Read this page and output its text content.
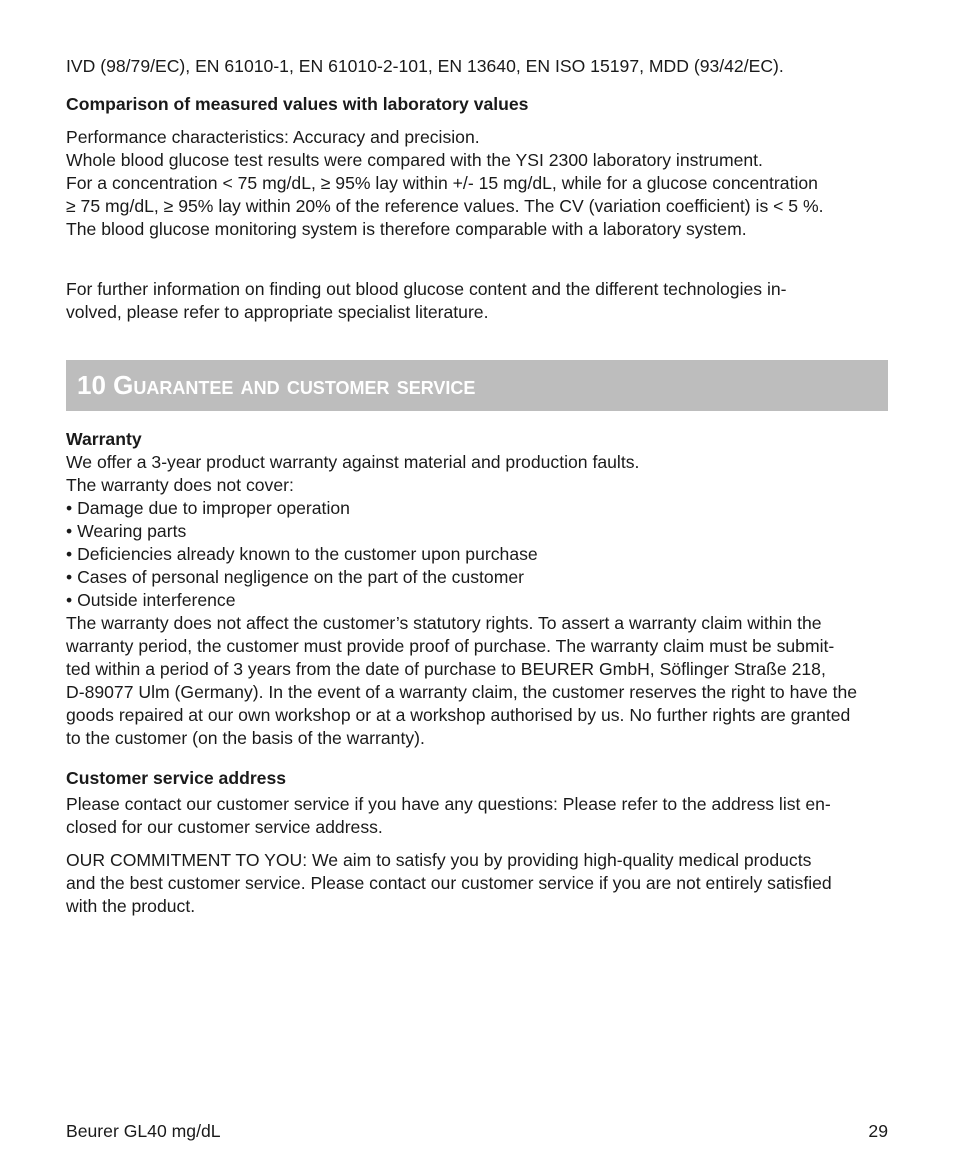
IVD (98/79/EC), EN 61010-1, EN 61010-2-101, EN 13640, EN ISO 15197, MDD (93/42/EC).

Comparison of measured values with laboratory values

Performance characteristics: Accuracy and precision.

Whole blood glucose test results were compared with the YSI 2300 laboratory instrument.

For a concentration < 75 mg/dL, ≥ 95% lay within +/- 15 mg/dL, while for a glucose concentration

≥ 75 mg/dL, ≥ 95% lay within 20% of the reference values. The CV (variation coefficient) is < 5 %.

The blood glucose monitoring system is therefore comparable with a laboratory system.

For further information on finding out blood glucose content and the different technologies in-

volved, please refer to appropriate specialist literature.

10 Guarantee and customer service

Warranty

We offer a 3-year product warranty against material and production faults.

The warranty does not cover:

• Damage due to improper operation
• Wearing parts
• Deficiencies already known to the customer upon purchase
• Cases of personal negligence on the part of the customer
• Outside interference

The warranty does not affect the customer’s statutory rights. To assert a warranty claim within the

warranty period, the customer must provide proof of purchase. The warranty claim must be submit-

ted within a period of 3 years from the date of purchase to BEURER GmbH, Söflinger Straße 218,

D-89077 Ulm (Germany). In the event of a warranty claim, the customer reserves the right to have the

goods repaired at our own workshop or at a workshop authorised by us. No further rights are granted

to the customer (on the basis of the warranty).

Customer service address

Please contact our customer service if you have any questions: Please refer to the address list en-

closed for our customer service address.

OUR COMMITMENT TO YOU: We aim to satisfy you by providing high-quality medical products

and the best customer service. Please contact our customer service if you are not entirely satisfied

with the product.

Beurer GL40 mg/dL	29
